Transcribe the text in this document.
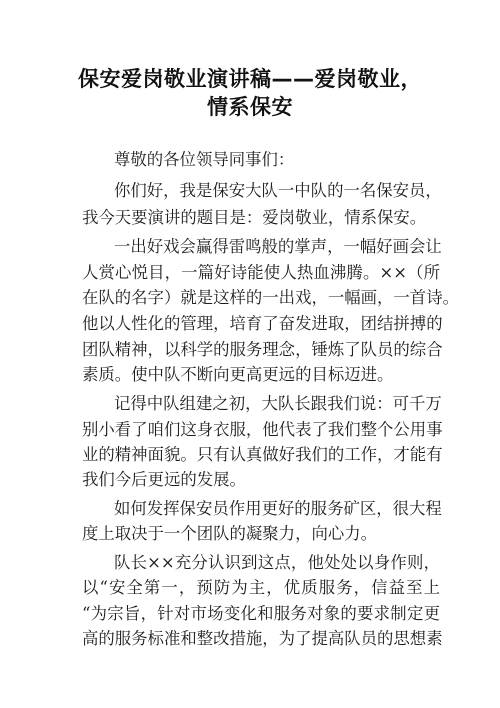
保安爱岗敬业演讲稿——爱岗敬业，
情系保安
尊敬的各位领导同事们：
你们好，我是保安大队一中队的一名保安员，
我今天要演讲的题目是：爱岗敬业，情系保安。
一出好戏会赢得雷鸣般的掌声，一幅好画会让
人赏心悦目，一篇好诗能使人热血沸腾。××（所
在队的名字）就是这样的一出戏，一幅画，一首诗。
他以人性化的管理，培育了奋发进取，团结拼搏的
团队精神，以科学的服务理念，锤炼了队员的综合
素质。使中队不断向更高更远的目标迈进。
记得中队组建之初，大队长跟我们说：可千万
别小看了咱们这身衣服，他代表了我们整个公用事
业的精神面貌。只有认真做好我们的工作，才能有
我们今后更远的发展。
如何发挥保安员作用更好的服务矿区，很大程
度上取决于一个团队的凝聚力，向心力。
队长××充分认识到这点，他处处以身作则，
以“安全第一，预防为主，优质服务，信益至上
“为宗旨，针对市场变化和服务对象的要求制定更
高的服务标准和整改措施，为了提高队员的思想素
